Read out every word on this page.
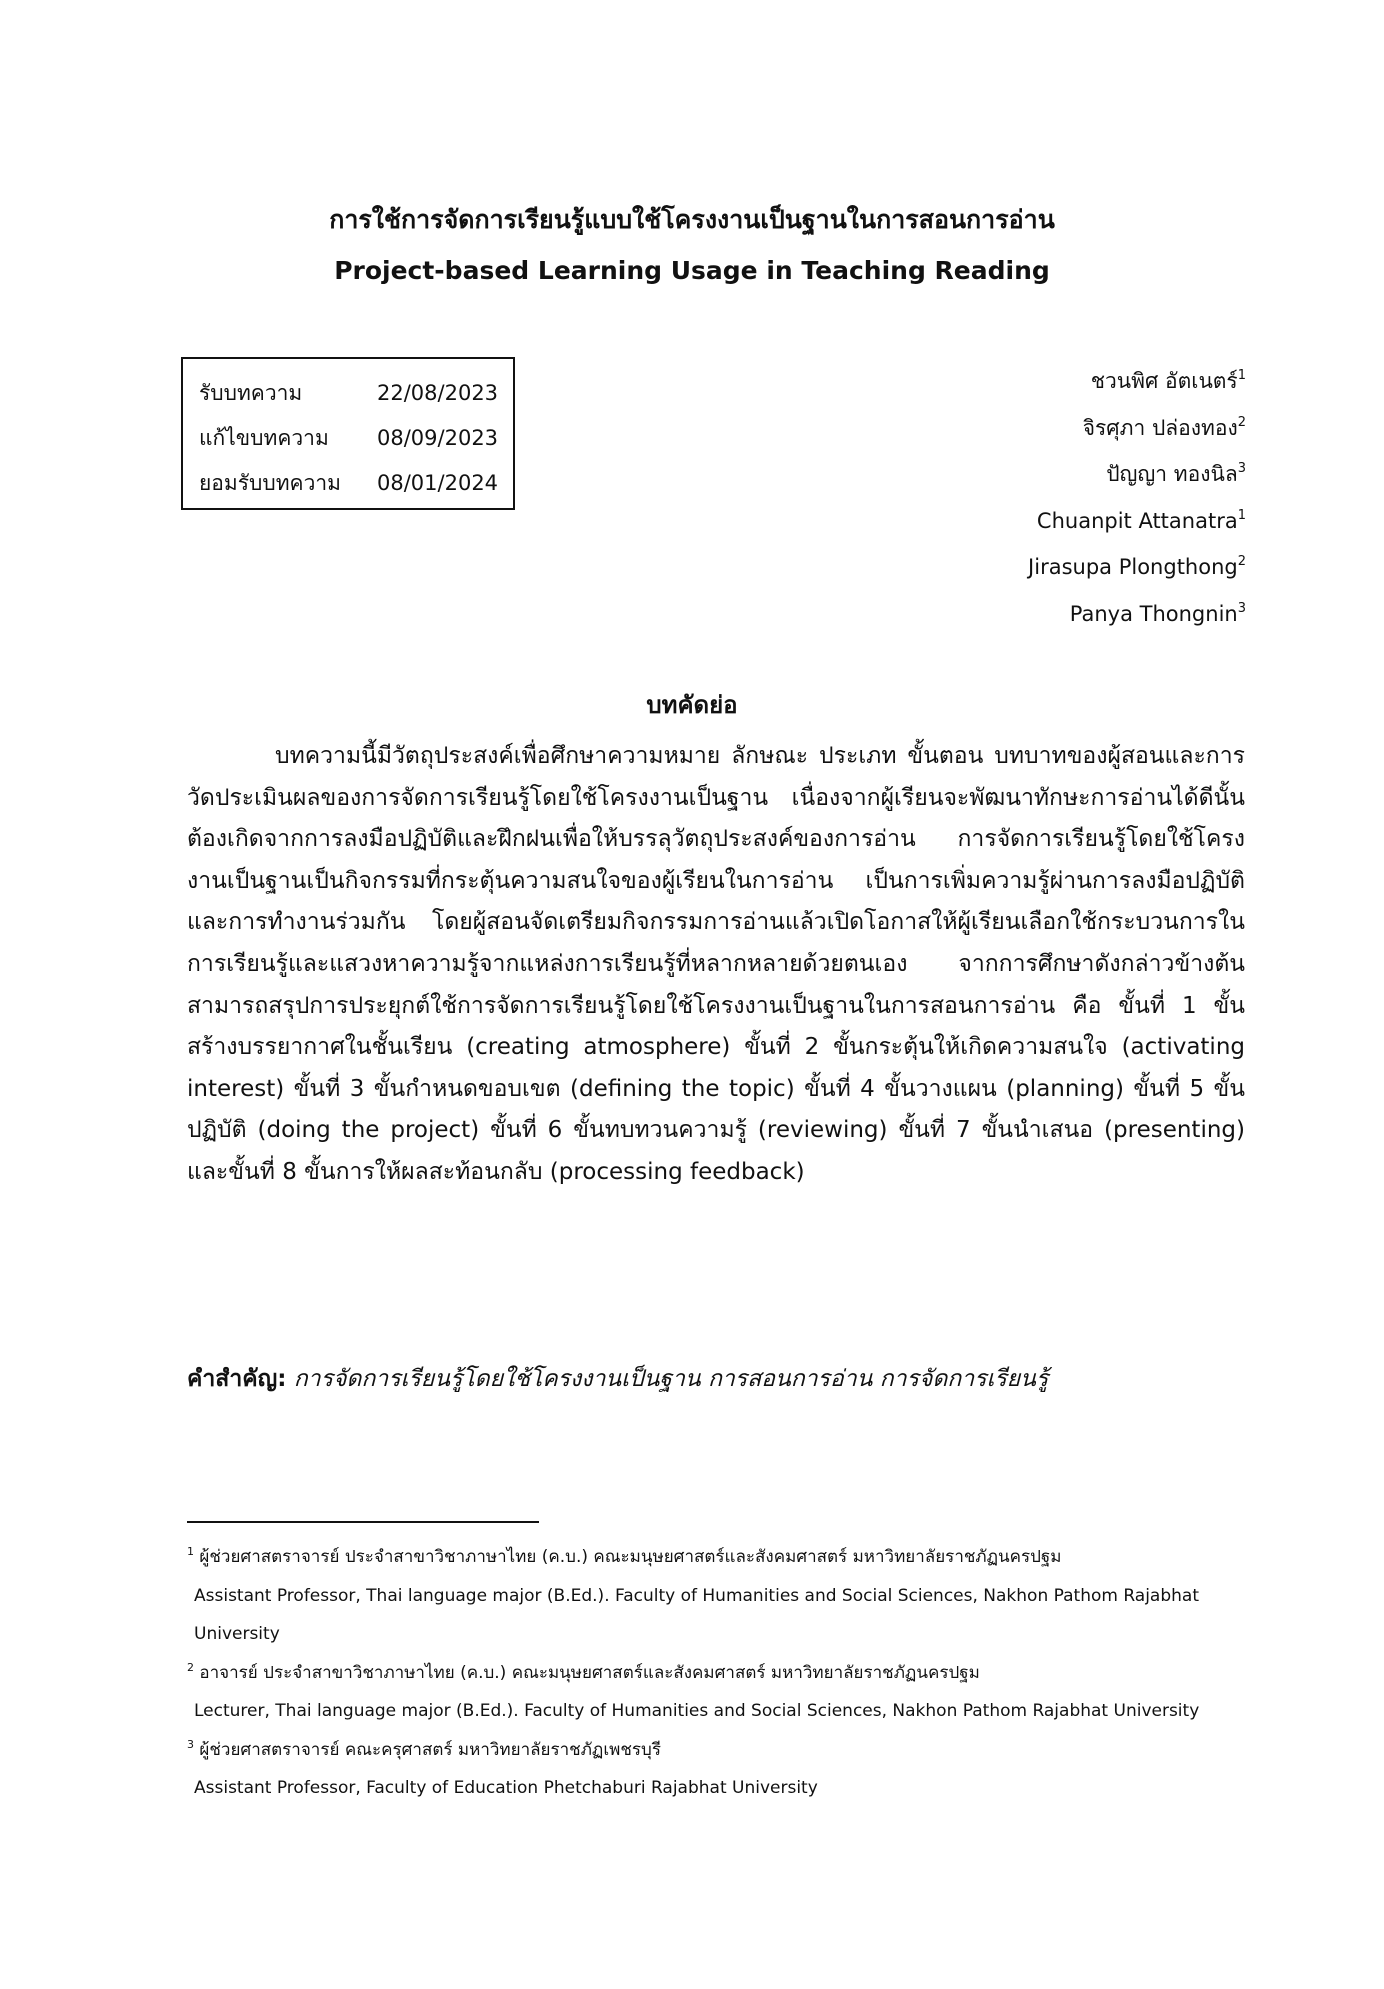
การใช้การจัดการเรียนรู้แบบใช้โครงงานเป็นฐานในการสอนการอ่าน
Project-based Learning Usage in Teaching Reading
รับบทความ	22/08/2023
แก้ไขบทความ	08/09/2023
ยอมรับบทความ	08/01/2024
ชวนพิศ อัตเนตร์$^1$
จิรศุภา ปล่องทอง$^2$
ปัญญา ทองนิล$^3$
Chuanpit Attanatra$^1$
Jirasupa Plongthong$^2$
Panya Thongnin$^3$
บทคัดย่อ
บทความนี้มีวัตถุประสงค์เพื่อศึกษาความหมาย ลักษณะ ประเภท ขั้นตอน บทบาทของผู้สอนและการวัดประเมินผลของการจัดการเรียนรู้โดยใช้โครงงานเป็นฐาน เนื่องจากผู้เรียนจะพัฒนาทักษะการอ่านได้ดีนั้น ต้องเกิดจากการลงมือปฏิบัติและฝึกฝนเพื่อให้บรรลุวัตถุประสงค์ของการอ่าน การจัดการเรียนรู้โดยใช้โครงงานเป็นฐานเป็นกิจกรรมที่กระตุ้นความสนใจของผู้เรียนในการอ่าน เป็นการเพิ่มความรู้ผ่านการลงมือปฏิบัติและการทำงานร่วมกัน โดยผู้สอนจัดเตรียมกิจกรรมการอ่านแล้วเปิดโอกาสให้ผู้เรียนเลือกใช้กระบวนการในการเรียนรู้และแสวงหาความรู้จากแหล่งการเรียนรู้ที่หลากหลายด้วยตนเอง จากการศึกษาดังกล่าวข้างต้น สามารถสรุปการประยุกต์ใช้การจัดการเรียนรู้โดยใช้โครงงานเป็นฐานในการสอนการอ่าน คือ ขั้นที่ 1 ขั้นสร้างบรรยากาศในชั้นเรียน (creating atmosphere) ขั้นที่ 2 ขั้นกระตุ้นให้เกิดความสนใจ (activating interest) ขั้นที่ 3 ขั้นกำหนดขอบเขต (defining the topic) ขั้นที่ 4 ขั้นวางแผน (planning) ขั้นที่ 5 ขั้นปฏิบัติ (doing the project) ขั้นที่ 6 ขั้นทบทวนความรู้ (reviewing) ขั้นที่ 7 ขั้นนำเสนอ (presenting) และขั้นที่ 8 ขั้นการให้ผลสะท้อนกลับ (processing feedback)
คำสำคัญ: การจัดการเรียนรู้โดยใช้โครงงานเป็นฐาน การสอนการอ่าน การจัดการเรียนรู้
$^1$ ผู้ช่วยศาสตราจารย์ ประจำสาขาวิชาภาษาไทย (ค.บ.) คณะมนุษยศาสตร์และสังคมศาสตร์ มหาวิทยาลัยราชภัฏนครปฐม
Assistant Professor, Thai language major (B.Ed.). Faculty of Humanities and Social Sciences, Nakhon Pathom Rajabhat University
$^2$ อาจารย์ ประจำสาขาวิชาภาษาไทย (ค.บ.) คณะมนุษยศาสตร์และสังคมศาสตร์ มหาวิทยาลัยราชภัฏนครปฐม
Lecturer, Thai language major (B.Ed.). Faculty of Humanities and Social Sciences, Nakhon Pathom Rajabhat University
$^3$ ผู้ช่วยศาสตราจารย์ คณะครุศาสตร์ มหาวิทยาลัยราชภัฏเพชรบุรี
Assistant Professor, Faculty of Education Phetchaburi Rajabhat University
